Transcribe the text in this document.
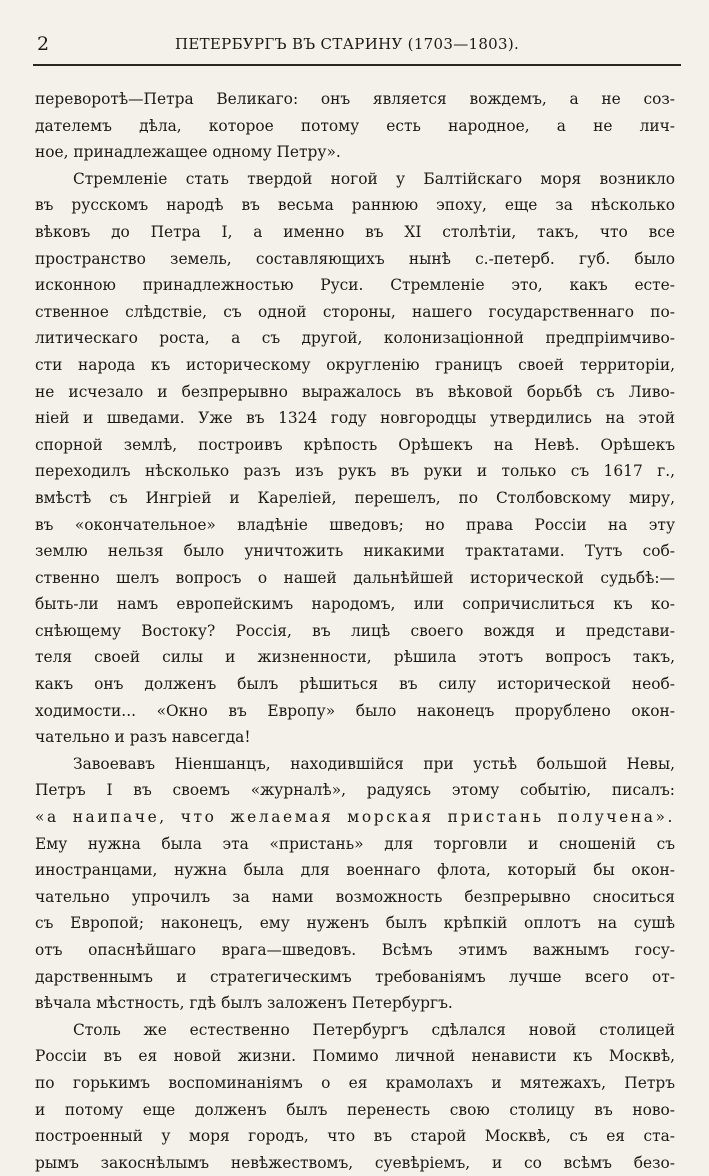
2	ПЕТЕРБУРГЪ ВЪ СТАРИНУ (1703—1803).
переворотѣ—Петра Великаго: онъ является вождемъ, а не соз-
дателемъ дѣла, которое потому есть народное, а не лич-
ное, принадлежащее одному Петру».
Стремленіе стать твердой ногой у Балтійскаго моря возникло
въ русскомъ народѣ въ весьма раннюю эпоху, еще за нѣсколько
вѣковъ до Петра I, а именно въ XI столѣтіи, такъ, что все
пространство земель, составляющихъ нынѣ с.-петерб. губ. было
исконною принадлежностью Руси. Стремленіе это, какъ есте-
ственное слѣдствіе, съ одной стороны, нашего государственнаго по-
литическаго роста, а съ другой, колонизаціонной предпріимчиво-
сти народа къ историческому округленію границъ своей территоріи,
не исчезало и безпрерывно выражалось въ вѣковой борьбѣ съ Ливо-
ніей и шведами. Уже въ 1324 году новгородцы утвердились на этой
спорной землѣ, построивъ крѣпость Орѣшекъ на Невѣ. Орѣшекъ
переходилъ нѣсколько разъ изъ рукъ въ руки и только съ 1617 г.,
вмѣстѣ съ Ингріей и Кареліей, перешелъ, по Столбовскому миру,
въ «окончательное» владѣніе шведовъ; но права Россіи на эту
землю нельзя было уничтожить никакими трактатами. Тутъ соб-
ственно шелъ вопросъ о нашей дальнѣйшей исторической судьбѣ:—
быть-ли намъ европейскимъ народомъ, или сопричислиться къ ко-
снѣющему Востоку? Россія, въ лицѣ своего вождя и представи-
теля своей силы и жизненности, рѣшила этотъ вопросъ такъ,
какъ онъ долженъ былъ рѣшиться въ силу исторической необ-
ходимости... «Окно въ Европу» было наконецъ прорублено окон-
чательно и разъ навсегда!
Завоевавъ Ніеншанцъ, находившійся при устьѣ большой Невы,
Петръ I въ своемъ «журналѣ», радуясь этому событію, писалъ:
«а наипаче, что желаемая морская пристань получена».
Ему нужна была эта «пристань» для торговли и сношеній съ
иностранцами, нужна была для военнаго флота, который бы окон-
чательно упрочилъ за нами возможность безпрерывно сноситься
съ Европой; наконецъ, ему нуженъ былъ крѣпкій оплотъ на сушѣ
отъ опаснѣйшаго врага—шведовъ. Всѣмъ этимъ важнымъ госу-
дарственнымъ и стратегическимъ требованіямъ лучше всего от-
вѣчала мѣстность, гдѣ былъ заложенъ Петербургъ.
Столь же естественно Петербургъ сдѣлался новой столицей
Россіи въ ея новой жизни. Помимо личной ненависти къ Москвѣ,
по горькимъ воспоминаніямъ о ея крамолахъ и мятежахъ, Петръ
и потому еще долженъ былъ перенесть свою столицу въ ново-
построенный у моря городъ, что въ старой Москвѣ, съ ея ста-
рымъ закоснѣлымъ невѣжествомъ, суевѣріемъ, и со всѣмъ безо-
